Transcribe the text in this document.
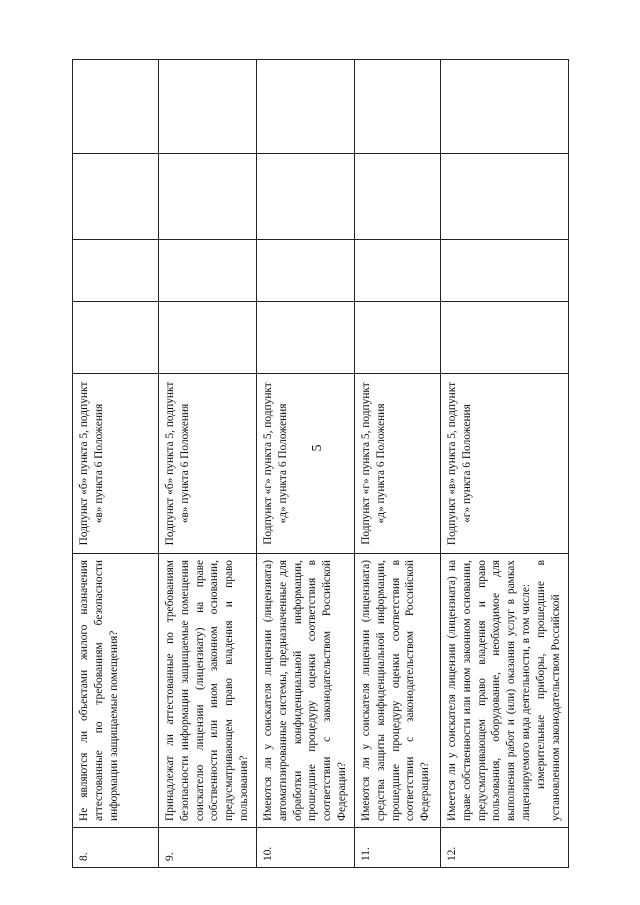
5
8.	Не являются ли объектами жилого назначения аттестованные по требованиям безопасности информации защищаемые помещения?	Подпункт «б» пункта 5, подпункт «в» пункта 6 Положения				
9.	Принадлежат ли аттестованные по требованиям безопасности информации защищаемые помещения соискателю лицензии (лицензиату) на праве собственности или ином законном основании, предусматривающем право владения и право пользования?	Подпункт «б» пункта 5, подпункт «в» пункта 6 Положения				
10.	Имеются ли у соискателя лицензии (лицензиата) автоматизированные системы, предназначенные для обработки конфиденциальной информации, прошедшие процедуру оценки соответствия в соответствии с законодательством Российской Федерации?	Подпункт «г» пункта 5, подпункт «д» пункта 6 Положения				
11.	Имеются ли у соискателя лицензии (лицензиата) средства защиты конфиденциальной информации, прошедшие процедуру оценки соответствия в соответствии с законодательством Российской Федерации?	Подпункт «г» пункта 5, подпункт «д» пункта 6 Положения				
12.	Имеется ли у соискателя лицензии (лицензиата) на праве собственности или ином законном основании, предусматривающем право владения и право пользования, оборудование, необходимое для выполнения работ и (или) оказания услуг в рамках лицензируемого вида деятельности, в том числе: измерительные приборы, прошедшие в установленном законодательством Российской	Подпункт «в» пункта 5, подпункт «г» пункта 6 Положения				
